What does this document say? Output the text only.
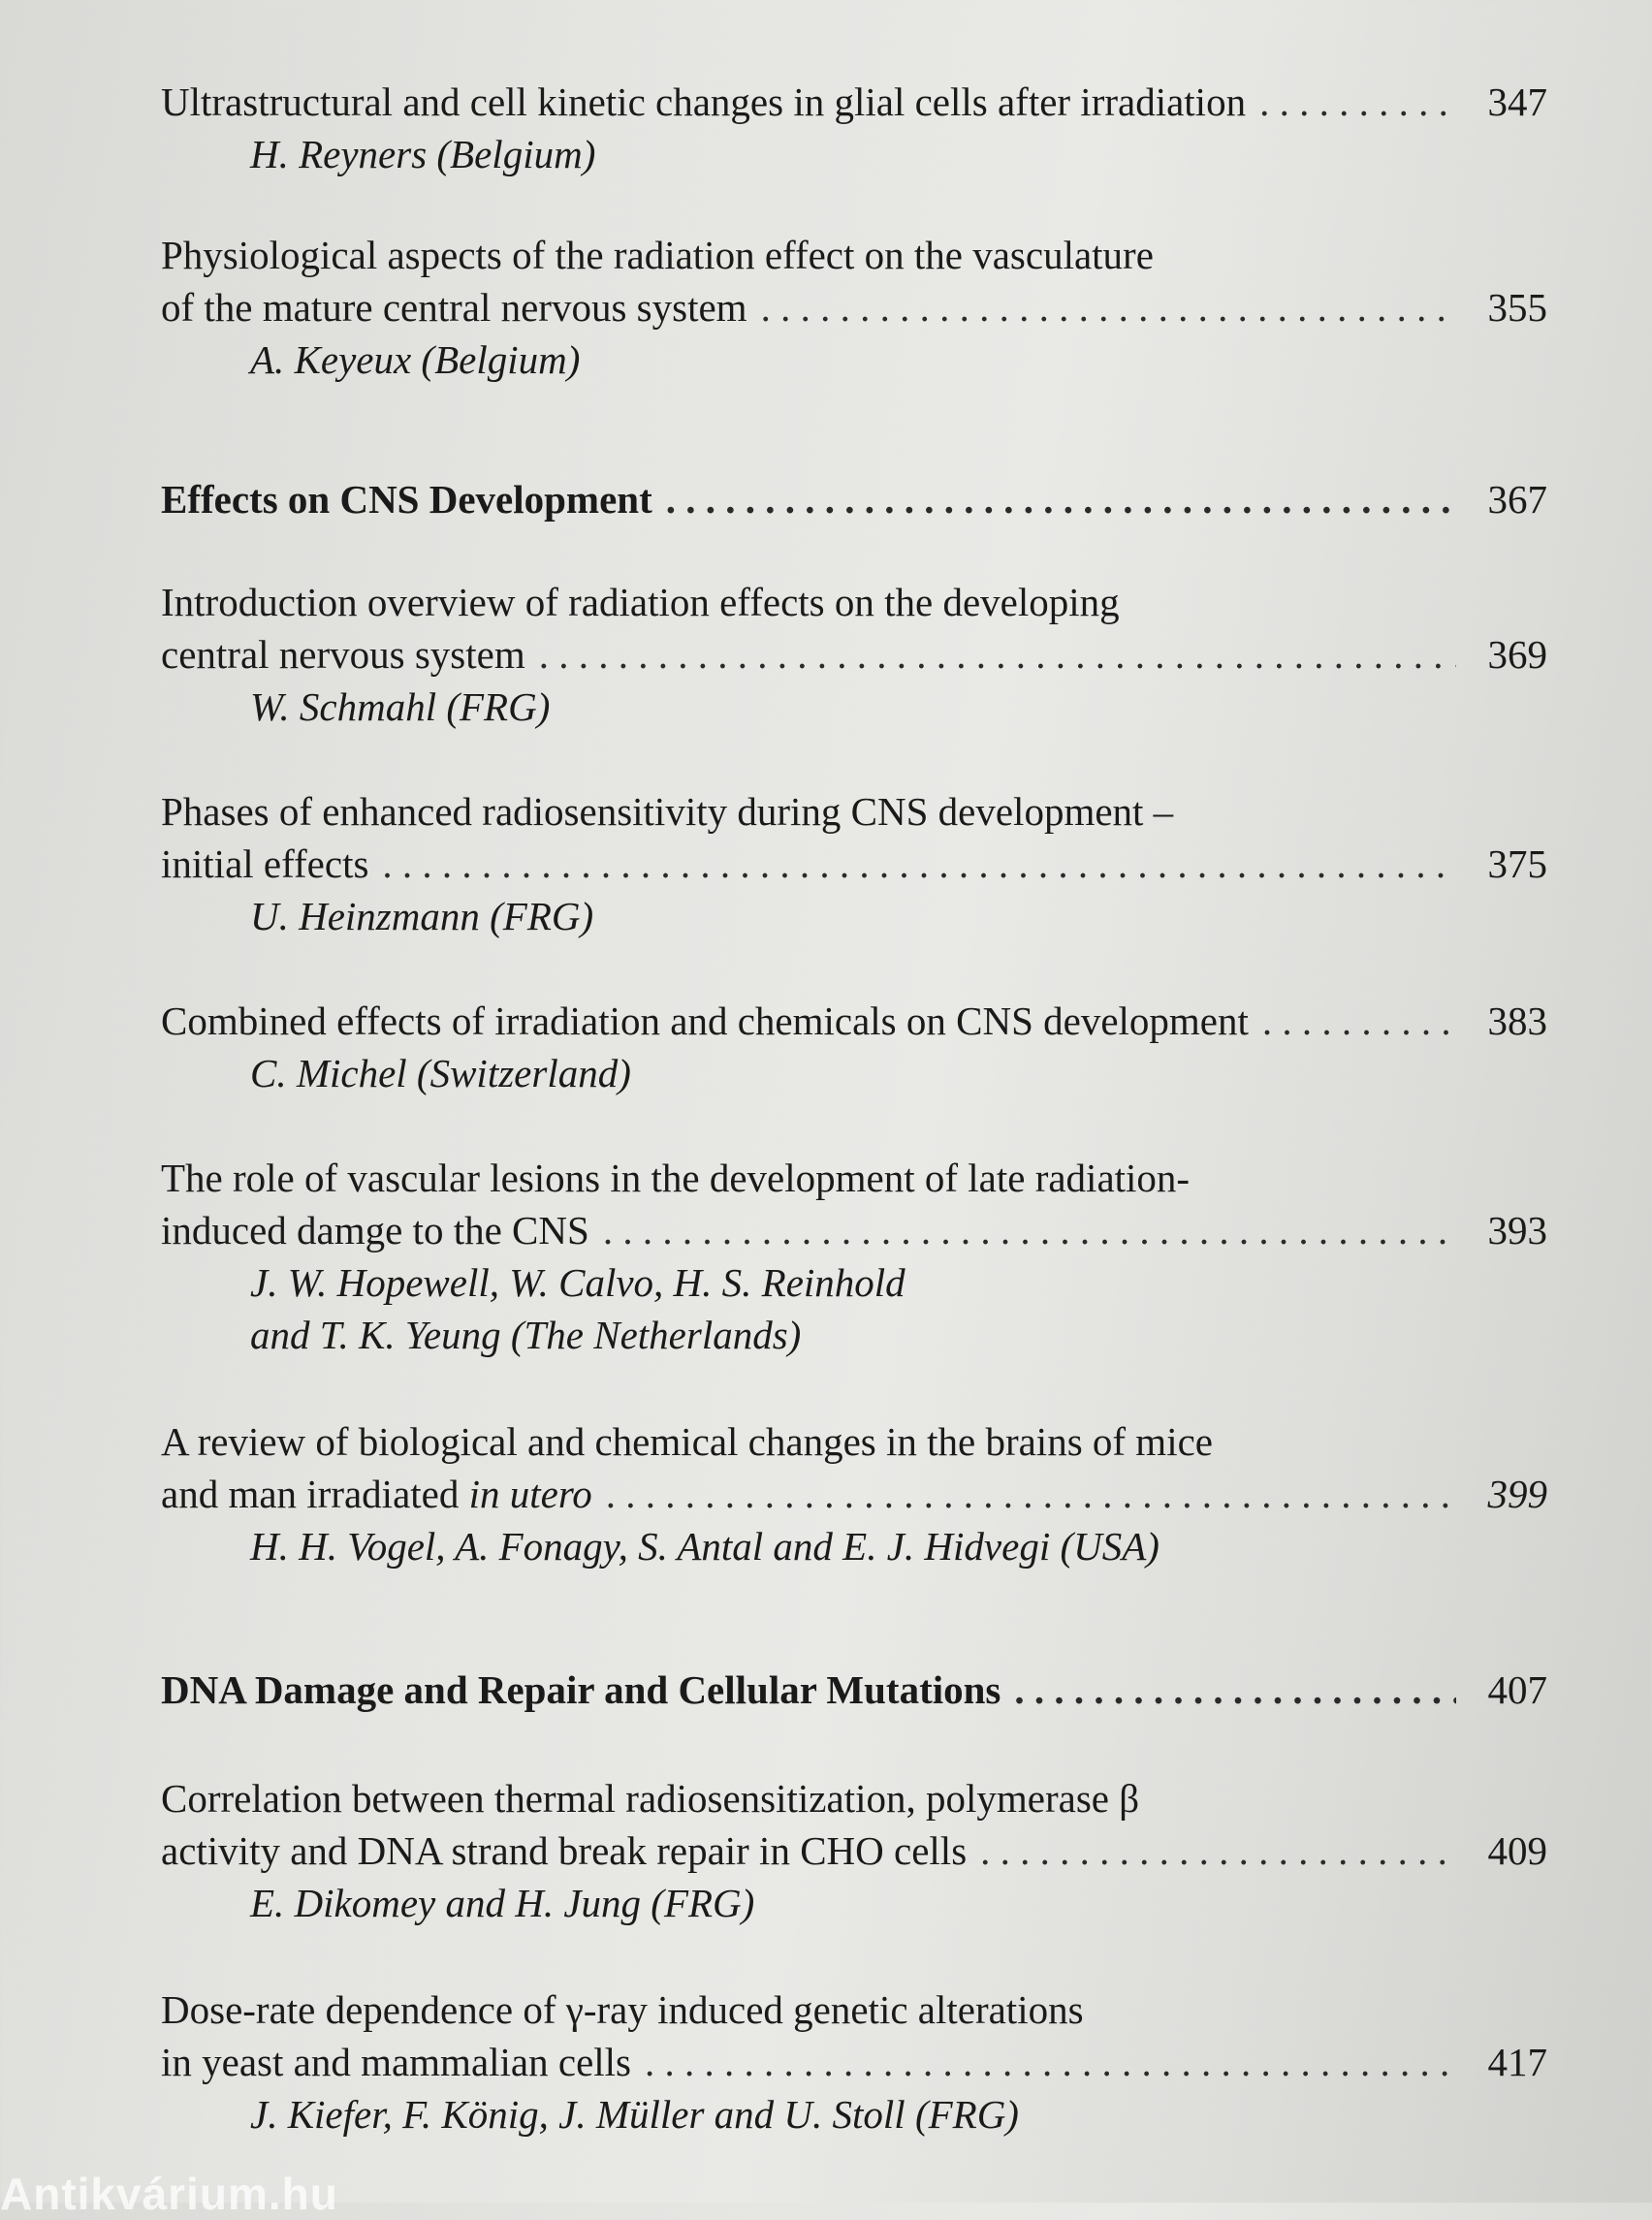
Ultrastructural and cell kinetic changes in glial cells after irradiation . . .	347
H. Reyners (Belgium)
Physiological aspects of the radiation effect on the vasculature
of the mature central nervous system . . .	355
A. Keyeux (Belgium)
Effects on CNS Development . . .	367
Introduction overview of radiation effects on the developing
central nervous system . . .	369
W. Schmahl (FRG)
Phases of enhanced radiosensitivity during CNS development –
initial effects . . .	375
U. Heinzmann (FRG)
Combined effects of irradiation and chemicals on CNS development . . .	383
C. Michel (Switzerland)
The role of vascular lesions in the development of late radiation-
induced damge to the CNS . . .	393
J. W. Hopewell, W. Calvo, H. S. Reinhold
and T. K. Yeung (The Netherlands)
A review of biological and chemical changes in the brains of mice
and man irradiated in utero . . .	399
H. H. Vogel, A. Fonagy, S. Antal and E. J. Hidvegi (USA)
DNA Damage and Repair and Cellular Mutations . . .	407
Correlation between thermal radiosensitization, polymerase β
activity and DNA strand break repair in CHO cells . . .	409
E. Dikomey and H. Jung (FRG)
Dose-rate dependence of γ-ray induced genetic alterations
in yeast and mammalian cells . . .	417
J. Kiefer, F. König, J. Müller and U. Stoll (FRG)
Antikvárium.hu
